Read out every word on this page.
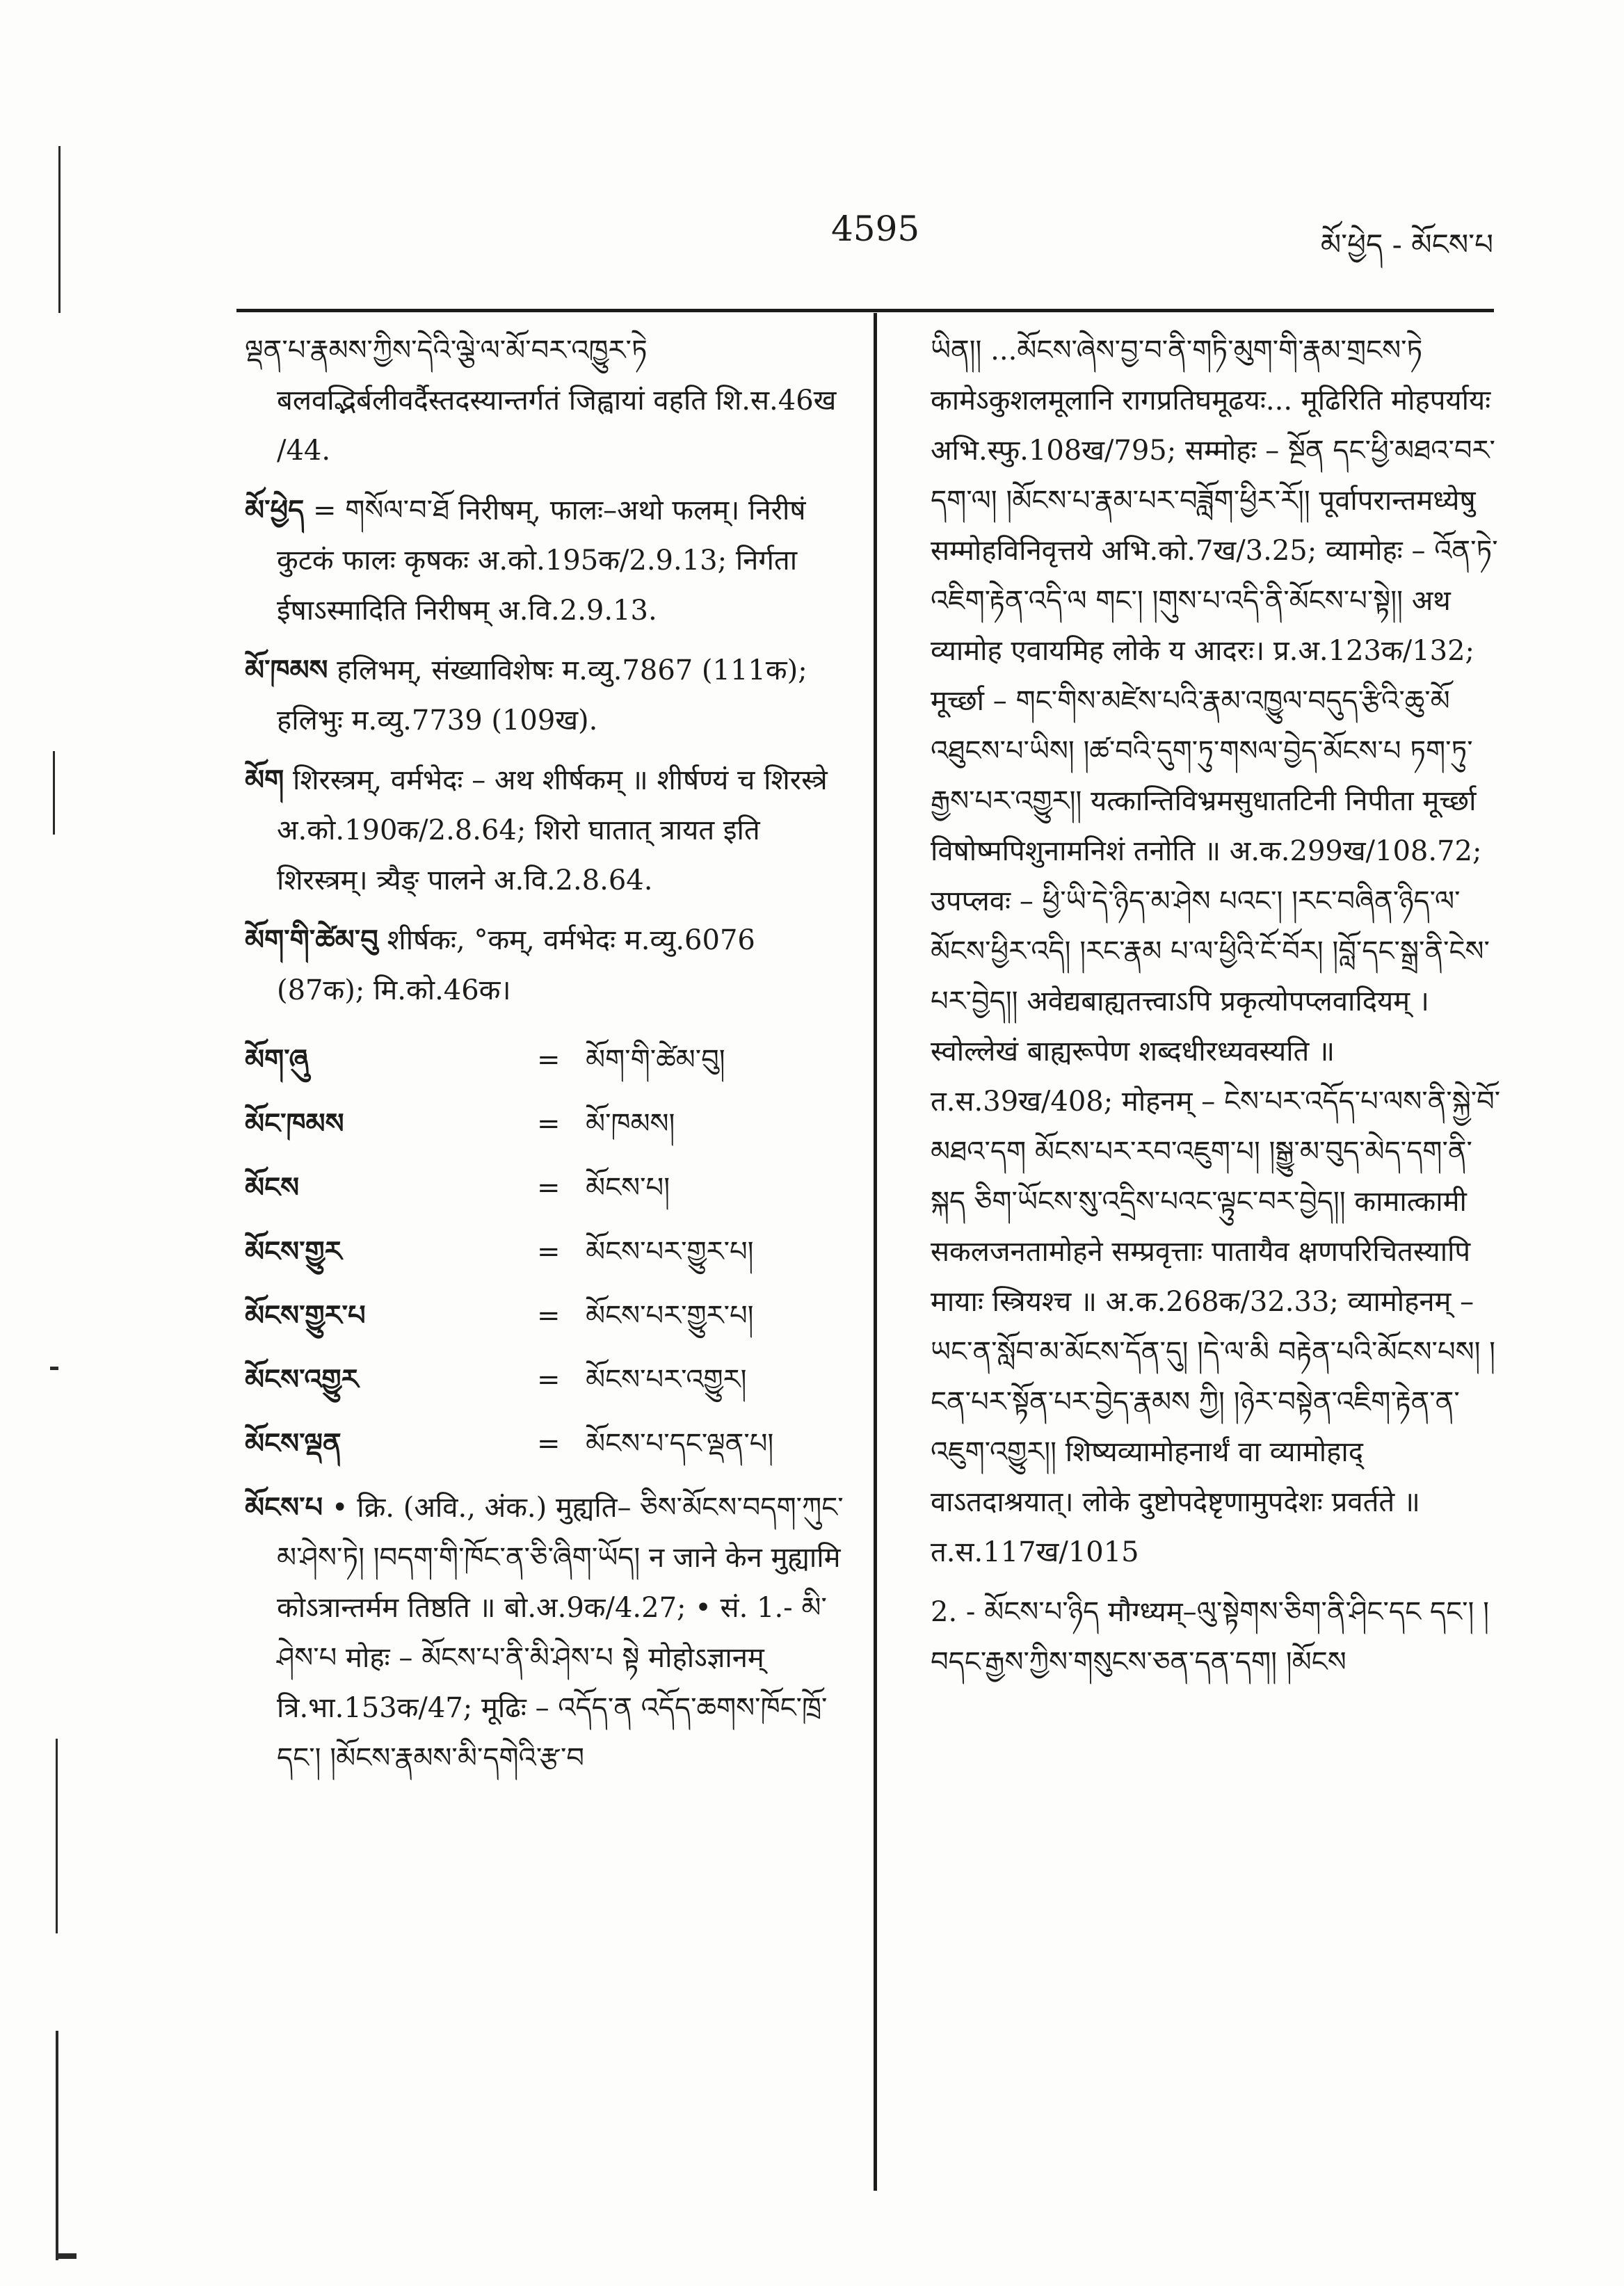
4595	མོ་ཕྱེད - མོངས་པ

ལྡན་པ་རྣམས་ཀྱིས་དེའི་ལྕེ་ལ་མོ་བར་འཁྱུར་ཏེ बलवद्भिर्बलीवर्दैस्तदस्यान्तर्गतं जिह्वायां वहति शि.स.46ख /44.

མོ་ཕྱེད = གསོལ་བ་ཐོ निरीषम्, फालः–अथो फलम्। निरीषं कुटकं फालः कृषकः अ.को.195क/2.9.13; निर्गता ईषाऽस्मादिति निरीषम् अ.वि.2.9.13.

མོ་ཁམས हलिभम्, संख्याविशेषः म.व्यु.7867 (111क); हलिभुः म.व्यु.7739 (109ख).

མོག शिरस्त्रम्, वर्मभेदः – अथ शीर्षकम् ॥ शीर्षण्यं च शिरस्त्रे अ.को.190क/2.8.64; शिरो घातात् त्रायत इति शिरस्त्रम्। त्र्यैङ् पालने अ.वि.2.8.64.

མོག་གི་ཚེམ་བུ शीर्षकः, °कम्, वर्मभेदः म.व्यु.6076 (87क); मि.को.46क।

མོག་ཞུ	= མོག་གི་ཚེམ་བུ།
མོང་ཁམས	= མོ་ཁམས།
མོངས	= མོངས་པ།
མོངས་གྱུར	= མོངས་པར་གྱུར་པ།
མོངས་གྱུར་པ	= མོངས་པར་གྱུར་པ།
མོངས་འགྱུར	= མོངས་པར་འགྱུར།
མོངས་ལྡན	= མོངས་པ་དང་ལྡན་པ།

མོངས་པ • क्रि. (अवि., अंक.) मुह्यति– ཅིས་མོངས་བདག་ཀུང་མ་ཤེས་ཏེ། །བདག་གི་ཁོང་ན་ཅི་ཞིག་ཡོད། न जाने केन मुह्यामि कोऽत्रान्तर्मम तिष्ठति ॥ बो.अ.9क/4.27; • सं. 1.- མི་ཤེས་པ मोहः – མོངས་པ་ནི་མི་ཤེས་པ སྟེ मोहोऽज्ञानम् त्रि.भा.153क/47; मूढिः – འདོད་ན འདོད་ཆགས་ཁོང་ཁྲོ་དང་། །མོངས་རྣམས་མི་དགེའི་རྩ་བ

ཡིན།། ...མོངས་ཞེས་བྱ་བ་ནི་གཏི་མུག་གི་རྣམ་གྲངས་ཏེ कामेऽकुशलमूलानि रागप्रतिघमूढयः... मूढिरिति मोहपर्यायः अभि.स्फु.108ख/795; सम्मोहः – སྔོན དང་ཕྱི་མཐའ་བར་དག་ལ། །མོངས་པ་རྣམ་པར་བཟློག་ཕྱིར་རོ།། पूर्वापरान्तमध्येषु सम्मोहविनिवृत्तये अभि.को.7ख/3.25; व्यामोहः – འོན་ཏེ་འཇིག་རྟེན་འདི་ལ གང་། །གུས་པ་འདི་ནི་མོངས་པ་སྟེ།། अथ व्यामोह एवायमिह लोके य आदरः। प्र.अ.123क/132; मूर्च्छा – གང་གིས་མཛེས་པའི་རྣམ་འཁྱུལ་བདུད་རྩིའི་ཆུ་མོ འཐུངས་པ་ཡིས། །ཚ་བའི་དུག་ཏུ་གསལ་བྱེད་མོངས་པ ཏག་ཏུ་རྒྱས་པར་འགྱུར།། यत्कान्तिविभ्रमसुधातटिनी निपीता मूर्च्छा विषोष्मपिशुनामनिशं तनोति ॥ अ.क.299ख/108.72; उपप्लवः – ཕྱི་ཡི་དེ་ཉིད་མ་ཤེས པའང་། །རང་བཞིན་ཉིད་ལ་མོངས་ཕྱིར་འདི། །རང་རྣམ པ་ལ་ཕྱིའི་ངོ་བོར། །བློ་དང་སྒྲ་ནི་ངེས་པར་བྱེད།། अवेद्यबाह्यतत्त्वाऽपि प्रकृत्योपप्लवादियम् । स्वोल्लेखं बाह्यरूपेण शब्दधीरध्यवस्यति ॥ त.स.39ख/408; मोहनम् – ངེས་པར་འདོད་པ་ལས་ནི་སྐྱེ་བོ་མཐའ་དག མོངས་པར་རབ་འཇུག་པ། །སྒྱུ་མ་བུད་མེད་དག་ནི་སྐད ཅིག་ཡོངས་སུ་འདྲིས་པའང་ལྟུང་བར་བྱེད།། कामात्कामी सकलजनतामोहने सम्प्रवृत्ताः पातायैव क्षणपरिचितस्यापि मायाः स्त्रियश्च ॥ अ.क.268क/32.33; व्यामोहनम् – ཡང་ན་སློབ་མ་མོངས་དོན་དུ། །དེ་ལ་མི བརྟེན་པའི་མོངས་པས། །ངན་པར་སྟོན་པར་བྱེད་རྣམས ཀྱི། །ཉེར་བསྟེན་འཇིག་རྟེན་ན་འཇུག་འགྱུར།། शिष्यव्यामोहनार्थं वा व्यामोहाद् वाऽतदाश्रयात्। लोके दुष्टोपदेष्टृणामुपदेशः प्रवर्तते ॥ त.स.117ख/1015

2. - མོངས་པ་ཉིད मौग्ध्यम्–ལུ་སྟེགས་ཅིག་ནི་ཤིང་དང དང་། །བདང་རྒྱས་ཀྱིས་གསུངས་ཅན་དན་དག། །མོངས
